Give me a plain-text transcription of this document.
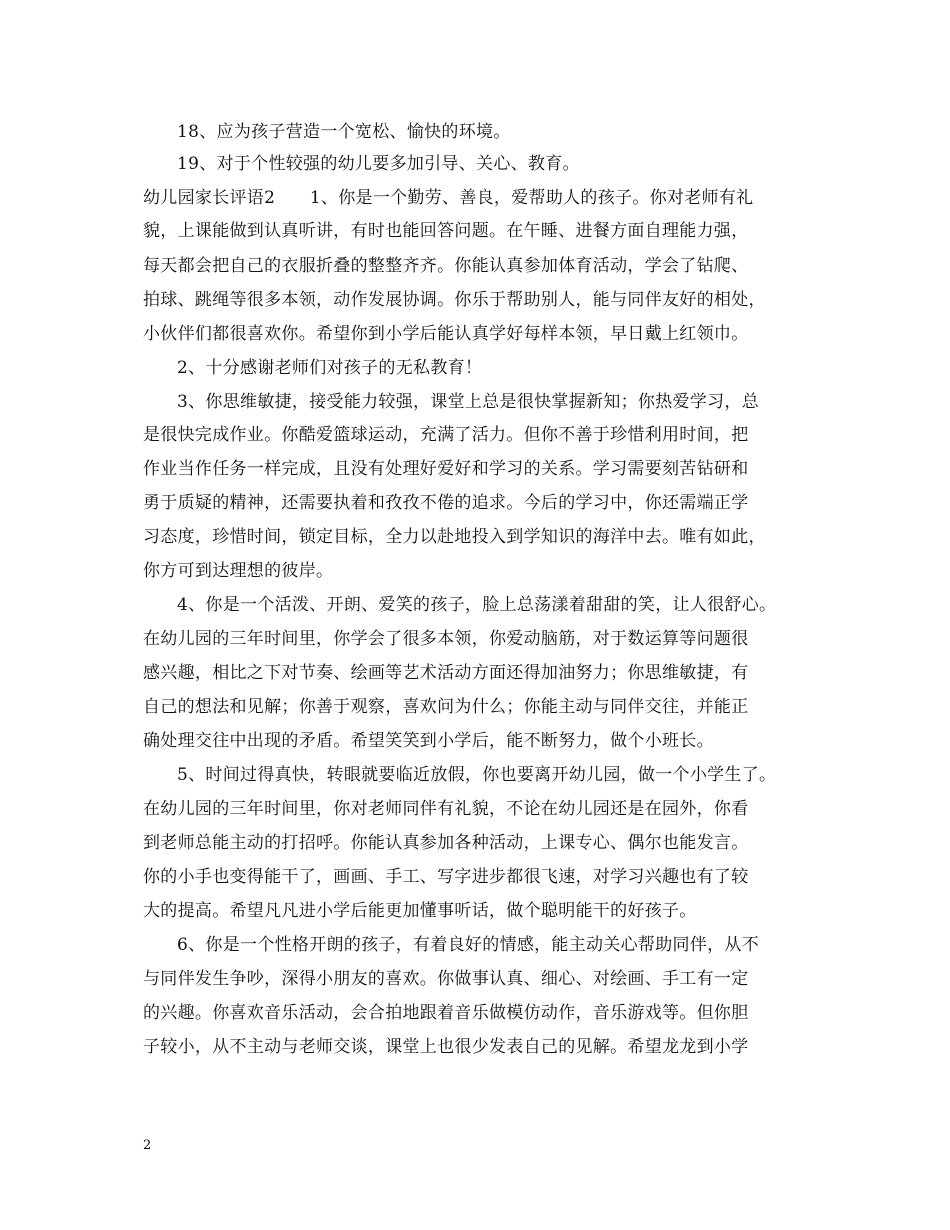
18、应为孩子营造一个宽松、愉快的环境。
19、对于个性较强的幼儿要多加引导、关心、教育。
幼儿园家长评语2　　1、你是一个勤劳、善良，爱帮助人的孩子。你对老师有礼
貌，上课能做到认真听讲，有时也能回答问题。在午睡、进餐方面自理能力强，
每天都会把自己的衣服折叠的整整齐齐。你能认真参加体育活动，学会了钻爬、
拍球、跳绳等很多本领，动作发展协调。你乐于帮助别人，能与同伴友好的相处，
小伙伴们都很喜欢你。希望你到小学后能认真学好每样本领，早日戴上红领巾。
2、十分感谢老师们对孩子的无私教育！
3、你思维敏捷，接受能力较强，课堂上总是很快掌握新知；你热爱学习，总
是很快完成作业。你酷爱篮球运动，充满了活力。但你不善于珍惜利用时间，把
作业当作任务一样完成，且没有处理好爱好和学习的关系。学习需要刻苦钻研和
勇于质疑的精神，还需要执着和孜孜不倦的追求。今后的学习中，你还需端正学
习态度，珍惜时间，锁定目标，全力以赴地投入到学知识的海洋中去。唯有如此，
你方可到达理想的彼岸。
4、你是一个活泼、开朗、爱笑的孩子，脸上总荡漾着甜甜的笑，让人很舒心。
在幼儿园的三年时间里，你学会了很多本领，你爱动脑筋，对于数运算等问题很
感兴趣，相比之下对节奏、绘画等艺术活动方面还得加油努力；你思维敏捷，有
自己的想法和见解；你善于观察，喜欢问为什么；你能主动与同伴交往，并能正
确处理交往中出现的矛盾。希望笑笑到小学后，能不断努力，做个小班长。
5、时间过得真快，转眼就要临近放假，你也要离开幼儿园，做一个小学生了。
在幼儿园的三年时间里，你对老师同伴有礼貌，不论在幼儿园还是在园外，你看
到老师总能主动的打招呼。你能认真参加各种活动，上课专心、偶尔也能发言。
你的小手也变得能干了，画画、手工、写字进步都很飞速，对学习兴趣也有了较
大的提高。希望凡凡进小学后能更加懂事听话，做个聪明能干的好孩子。
6、你是一个性格开朗的孩子，有着良好的情感，能主动关心帮助同伴，从不
与同伴发生争吵，深得小朋友的喜欢。你做事认真、细心、对绘画、手工有一定
的兴趣。你喜欢音乐活动，会合拍地跟着音乐做模仿动作，音乐游戏等。但你胆
子较小，从不主动与老师交谈，课堂上也很少发表自己的见解。希望龙龙到小学
2
